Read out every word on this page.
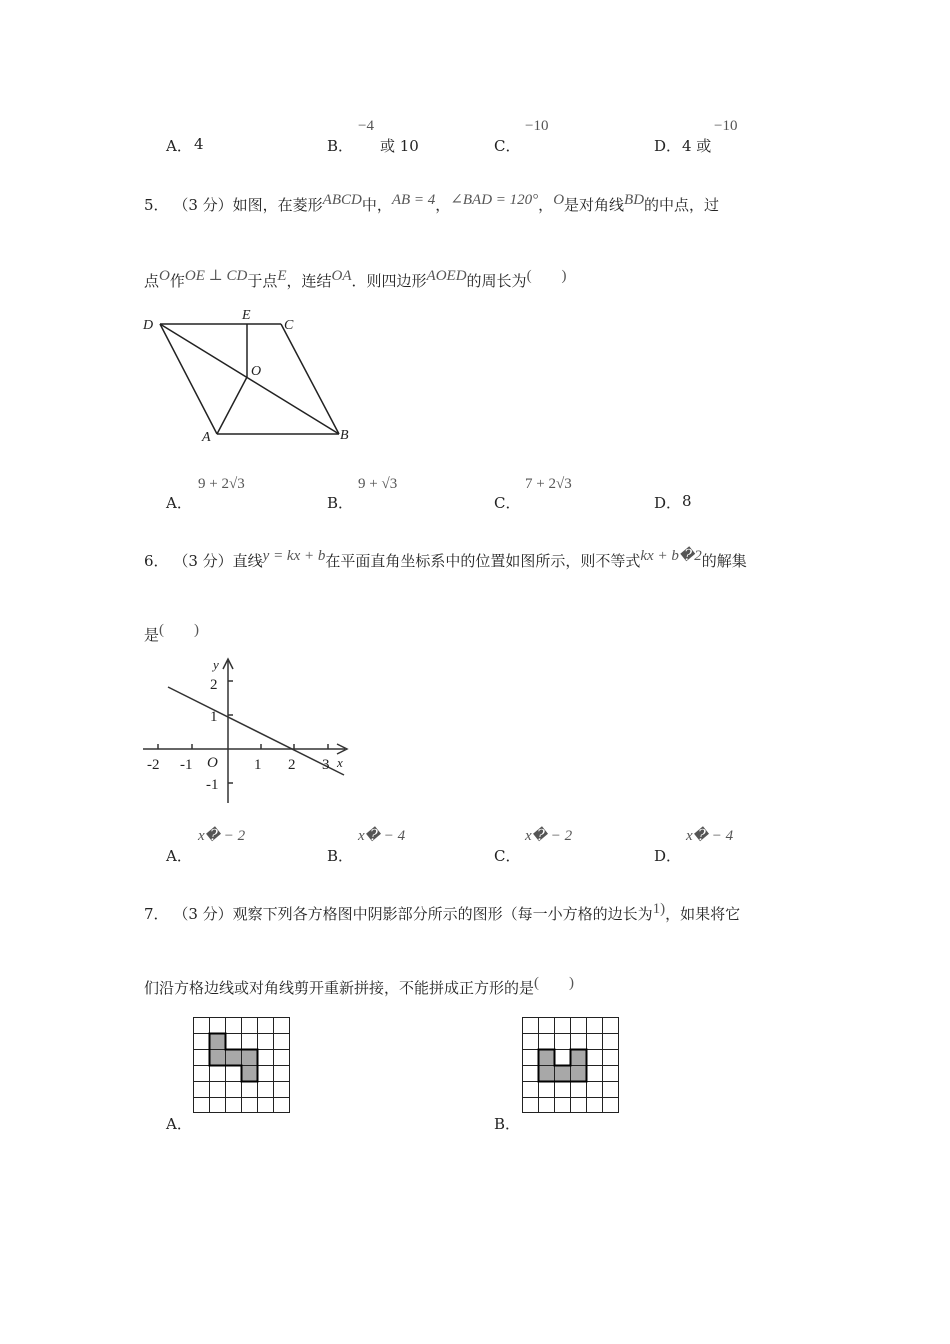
A． 4	B．
−4
或 10	C．
−10
D． 4 或
−10
5． （3 分）如图，在菱形ABCD中，AB = 4，∠BAD = 120°，O是对角线BD的中点，过
点O作OE ⊥ CD于点E，连结OA．则四边形AOED的周长为(　　)
D
E
C
O
A	B
A．
9 + 2√3
B．
9 + √3
C．
7 + 2√3
D． 8
6． （3 分）直线y = kx + b在平面直角坐标系中的位置如图所示，则不等式kx + b�2的解集
是(　　)
-2 -1 O 1 2 3 x
2
1
-1
y
A．
x� − 2
B．
x� − 4
C．
x� − 2
D．
x� − 4
7． （3 分）观察下列各方格图中阴影部分所示的图形（每一小方格的边长为1)，如果将它
们沿方格边线或对角线剪开重新拼接，不能拼成正方形的是(　　)
A．	B．
